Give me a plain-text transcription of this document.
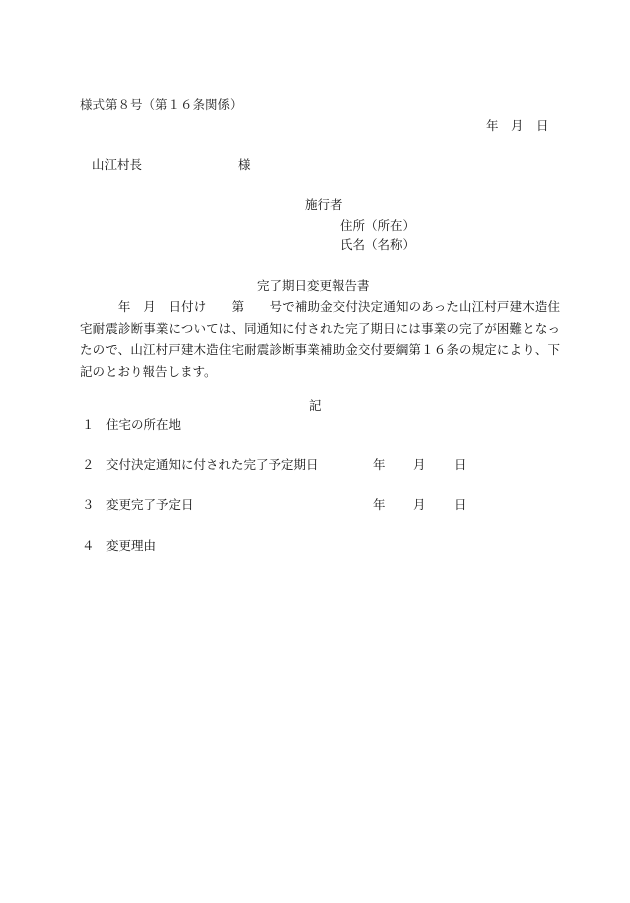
様式第８号（第１６条関係）
年　月　日
山江村長	様
施行者
住所（所在）
氏名（名称）
完了期日変更報告書
　　　年　月　日付け　　第　　号で補助金交付決定通知のあった山江村戸建木造住宅耐震診断事業については、同通知に付された完了期日には事業の完了が困難となったので、山江村戸建木造住宅耐震診断事業補助金交付要綱第１６条の規定により、下記のとおり報告します。
記
１ 住宅の所在地
２ 交付決定通知に付された完了予定期日	年 月 日
３ 変更完了予定日	年 月 日
４ 変更理由
